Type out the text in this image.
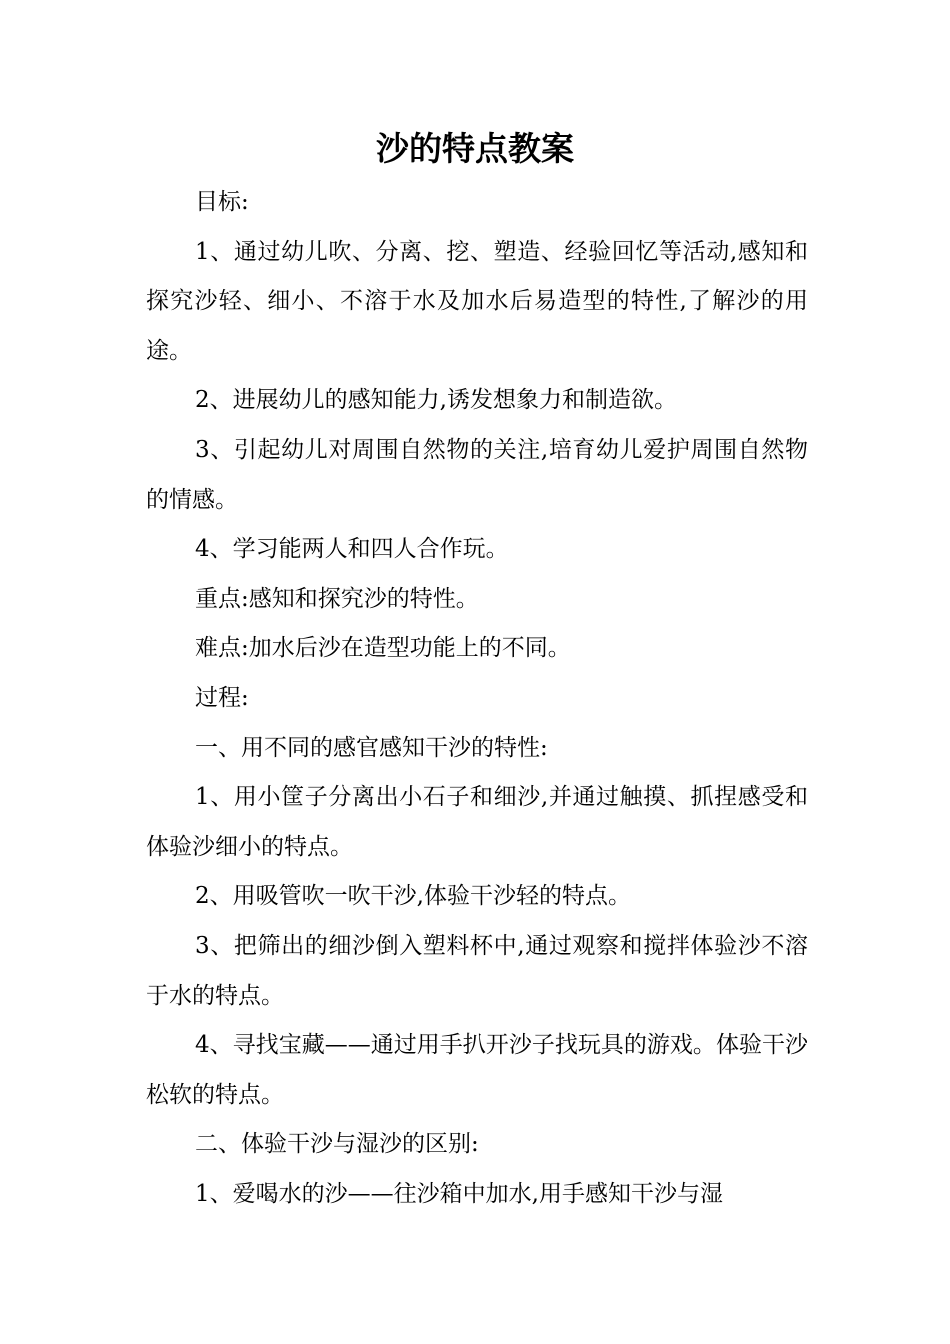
沙的特点教案

目标:

1、通过幼儿吹、分离、挖、塑造、经验回忆等活动,感知和探究沙轻、细小、不溶于水及加水后易造型的特性,了解沙的用途。

2、进展幼儿的感知能力,诱发想象力和制造欲。

3、引起幼儿对周围自然物的关注,培育幼儿爱护周围自然物的情感。

4、学习能两人和四人合作玩。

重点:感知和探究沙的特性。

难点:加水后沙在造型功能上的不同。

过程:

一、用不同的感官感知干沙的特性:

1、用小筐子分离出小石子和细沙,并通过触摸、抓捏感受和体验沙细小的特点。

2、用吸管吹一吹干沙,体验干沙轻的特点。

3、把筛出的细沙倒入塑料杯中,通过观察和搅拌体验沙不溶于水的特点。

4、寻找宝藏——通过用手扒开沙子找玩具的游戏。体验干沙松软的特点。

二、体验干沙与湿沙的区别:

1、爱喝水的沙——往沙箱中加水,用手感知干沙与湿
